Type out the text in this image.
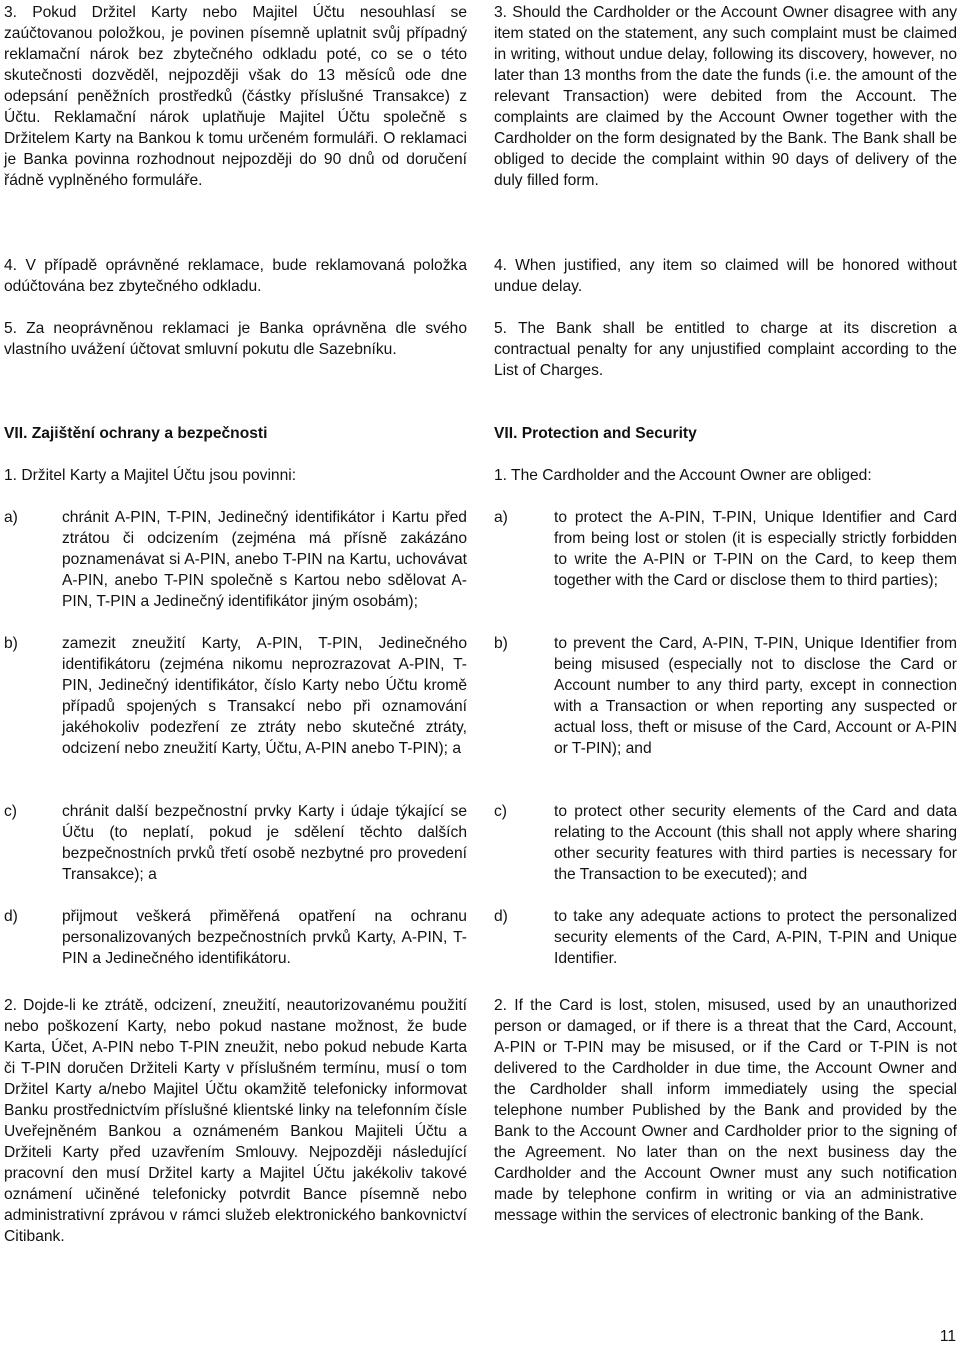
3. Pokud Držitel Karty nebo Majitel Účtu nesouhlasí se zaúčtovanou položkou, je povinen písemně uplatnit svůj případný reklamační nárok bez zbytečného odkladu poté, co se o této skutečnosti dozvěděl, nejpozději však do 13 měsíců ode dne odepsání peněžních prostředků (částky příslušné Transakce) z Účtu. Reklamační nárok uplatňuje Majitel Účtu společně s Držitelem Karty na Bankou k tomu určeném formuláři. O reklamaci je Banka povinna rozhodnout nejpozději do 90 dnů od doručení řádně vyplněného formuláře.

4. V případě oprávněné reklamace, bude reklamovaná položka odúčtována bez zbytečného odkladu.

5. Za neoprávněnou reklamaci je Banka oprávněna dle svého vlastního uvážení účtovat smluvní pokutu dle Sazebníku.

VII. Zajištění ochrany a bezpečnosti

1. Držitel Karty a Majitel Účtu jsou povinni:

a)	chránit A-PIN, T-PIN, Jedinečný identifikátor i Kartu před ztrátou či odcizením (zejména má přísně zakázáno poznamenávat si A-PIN, anebo T-PIN na Kartu, uchovávat A-PIN, anebo T-PIN společně s Kartou nebo sdělovat A-PIN, T-PIN a Jedinečný identifikátor jiným osobám);
b)	zamezit zneužití Karty, A-PIN, T-PIN, Jedinečného identifikátoru (zejména nikomu neprozrazovat A-PIN, T-PIN, Jedinečný identifikátor, číslo Karty nebo Účtu kromě případů spojených s Transakcí nebo při oznamování jakéhokoliv podezření ze ztráty nebo skutečné ztráty, odcizení nebo zneužití Karty, Účtu, A-PIN anebo T-PIN); a
c)	chránit další bezpečnostní prvky Karty i údaje týkající se Účtu (to neplatí, pokud je sdělení těchto dalších bezpečnostních prvků třetí osobě nezbytné pro provedení Transakce); a
d)	přijmout veškerá přiměřená opatření na ochranu personalizovaných bezpečnostních prvků Karty, A-PIN, T-PIN a Jedinečného identifikátoru.

2. Dojde-li ke ztrátě, odcizení, zneužití, neautorizovanému použití nebo poškození Karty, nebo pokud nastane možnost, že bude Karta, Účet, A-PIN nebo T-PIN zneužit, nebo pokud nebude Karta či T-PIN doručen Držiteli Karty v příslušném termínu, musí o tom Držitel Karty a/nebo Majitel Účtu okamžitě telefonicky informovat Banku prostřednictvím příslušné klientské linky na telefonním čísle Uveřejněném Bankou a oznámeném Bankou Majiteli Účtu a Držiteli Karty před uzavřením Smlouvy. Nejpozději následující pracovní den musí Držitel karty a Majitel Účtu jakékoliv takové oznámení učiněné telefonicky potvrdit Bance písemně nebo administrativní zprávou v rámci služeb elektronického bankovnictví Citibank.

3. Should the Cardholder or the Account Owner disagree with any item stated on the statement, any such complaint must be claimed in writing, without undue delay, following its discovery, however, no later than 13 months from the date the funds (i.e. the amount of the relevant Transaction) were debited from the Account. The complaints are claimed by the Account Owner together with the Cardholder on the form designated by the Bank. The Bank shall be obliged to decide the complaint within 90 days of delivery of the duly filled form.

4. When justified, any item so claimed will be honored without undue delay.

5. The Bank shall be entitled to charge at its discretion a contractual penalty for any unjustified complaint according to the List of Charges.

VII. Protection and Security

1. The Cardholder and the Account Owner are obliged:

a)	to protect the A-PIN, T-PIN, Unique Identifier and Card from being lost or stolen (it is especially strictly forbidden to write the A-PIN or T-PIN on the Card, to keep them together with the Card or disclose them to third parties);
b)	to prevent the Card, A-PIN, T-PIN, Unique Identifier from being misused (especially not to disclose the Card or Account number to any third party, except in connection with a Transaction or when reporting any suspected or actual loss, theft or misuse of the Card, Account or A-PIN or T-PIN); and
c)	to protect other security elements of the Card and data relating to the Account (this shall not apply where sharing other security features with third parties is necessary for the Transaction to be executed); and
d)	to take any adequate actions to protect the personalized security elements of the Card, A-PIN, T-PIN and Unique Identifier.

2. If the Card is lost, stolen, misused, used by an unauthorized person or damaged, or if there is a threat that the Card, Account, A-PIN or T-PIN may be misused, or if the Card or T-PIN is not delivered to the Cardholder in due time, the Account Owner and the Cardholder shall inform immediately using the special telephone number Published by the Bank and provided by the Bank to the Account Owner and Cardholder prior to the signing of the Agreement. No later than on the next business day the Cardholder and the Account Owner must any such notification made by telephone confirm in writing or via an administrative message within the services of electronic banking of the Bank.

11
